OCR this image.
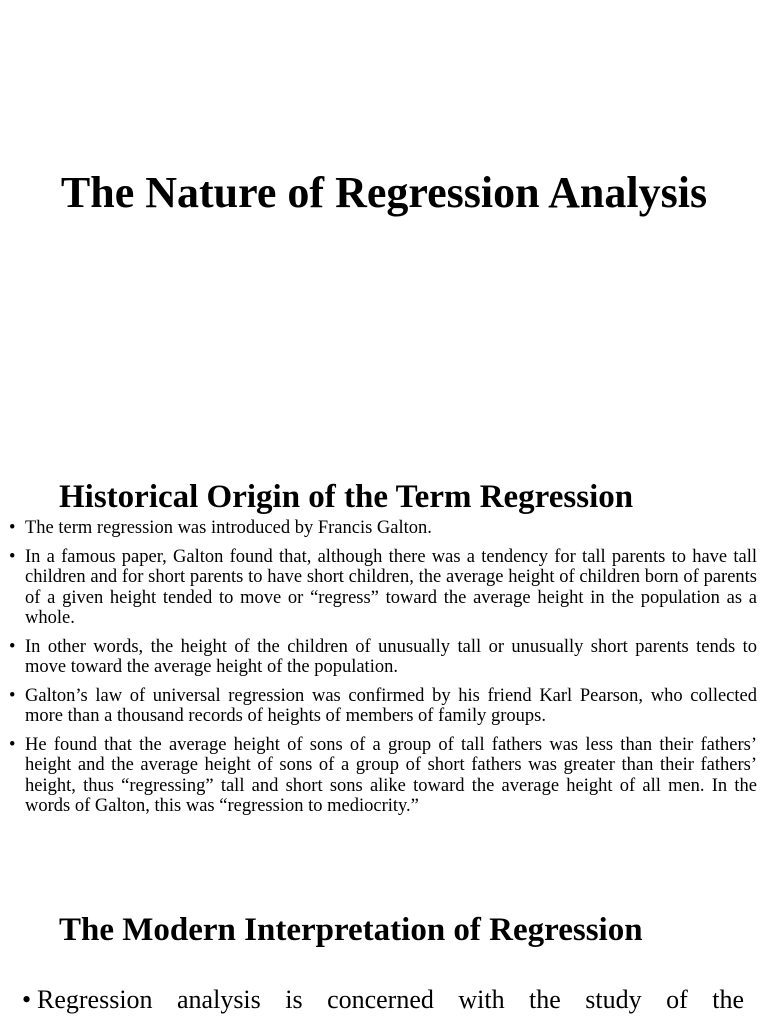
The Nature of Regression Analysis
Historical Origin of the Term Regression
• The term regression was introduced by Francis Galton.
• In a famous paper, Galton found that, although there was a tendency for tall parents to have tall children and for short parents to have short children, the average height of children born of parents of a given height tended to move or “regress” toward the average height in the population as a whole.
• In other words, the height of the children of unusually tall or unusually short parents tends to move toward the average height of the population.
• Galton’s law of universal regression was confirmed by his friend Karl Pearson, who collected more than a thousand records of heights of members of family groups.
• He found that the average height of sons of a group of tall fathers was less than their fathers’ height and the average height of sons of a group of short fathers was greater than their fathers’ height, thus “regressing” tall and short sons alike toward the average height of all men. In the words of Galton, this was “regression to mediocrity.”
The Modern Interpretation of Regression
• Regression analysis is concerned with the study of the
